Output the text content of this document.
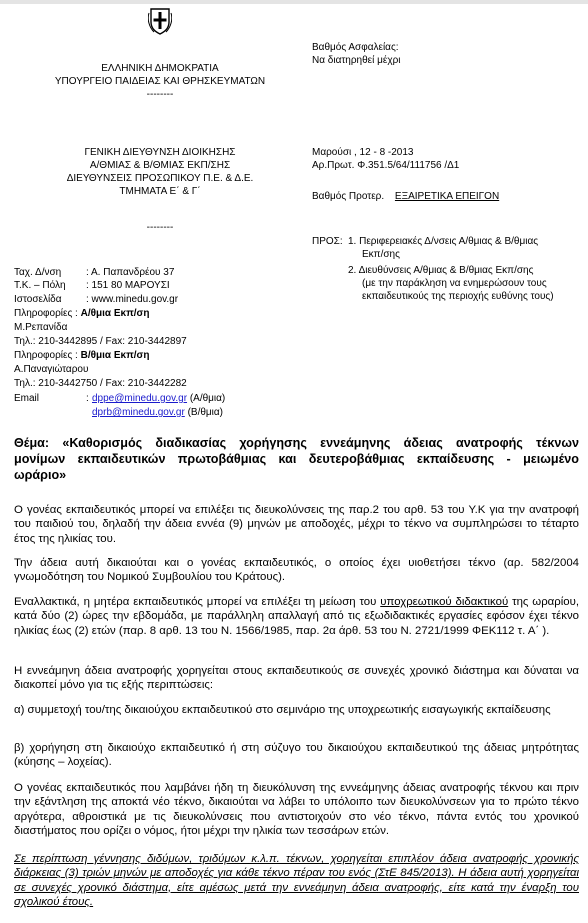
ΕΛΛΗΝΙΚΗ ΔΗΜΟΚΡΑΤΙΑ
ΥΠΟΥΡΓΕΙΟ ΠΑΙΔΕΙΑΣ ΚΑΙ ΘΡΗΣΚΕΥΜΑΤΩΝ
--------
ΓΕΝΙΚΗ ΔΙΕΥΘΥΝΣΗ ΔΙΟΙΚΗΣΗΣ
Α/ΘΜΙΑΣ & Β/ΘΜΙΑΣ ΕΚΠ/ΣΗΣ
ΔΙΕΥΘΥΝΣΕΙΣ ΠΡΟΣΩΠΙΚΟΥ Π.Ε. & Δ.Ε.
ΤΜΗΜΑΤΑ Ε΄ & Γ΄
--------
Βαθμός Ασφαλείας:
Να διατηρηθεί μέχρι
Μαρούσι , 12 - 8 -2013
Αρ.Πρωτ. Φ.351.5/64/111756 /Δ1
Βαθμός Προτερ. ΕΞΑΙΡΕΤΙΚΑ ΕΠΕΙΓΟΝ
ΠΡΟΣ: 1. Περιφερειακές Δ/νσεις Α/θμιας & Β/θμιας
Εκπ/σης
2. Διευθύνσεις Α/θμιας & Β/θμιας Εκπ/σης
(με την παράκληση να ενημερώσουν τους
εκπαιδευτικούς της περιοχής ευθύνης τους)
Ταχ. Δ/νση : Α. Παπανδρέου 37
Τ.Κ. – Πόλη : 151 80 ΜΑΡΟΥΣΙ
Ιστοσελίδα : www.minedu.gov.gr
Πληροφορίες : Α/θμια Εκπ/ση
Μ.Ρεπανίδα
Τηλ.: 210-3442895 / Fax: 210-3442897
Πληροφορίες : Β/θμια Εκπ/ση
Α.Παναγιώταρου
Τηλ.: 210-3442750 / Fax: 210-3442282
Email	: dppe@minedu.gov.gr (Α/θμια)
dprb@minedu.gov.gr (Β/θμια)
Θέμα: «Καθορισμός διαδικασίας χορήγησης εννεάμηνης άδειας ανατροφής τέκνων
μονίμων εκπαιδευτικών πρωτοβάθμιας και δευτεροβάθμιας εκπαίδευσης - μειωμένο
ωράριο»
Ο γονέας εκπαιδευτικός μπορεί να επιλέξει τις διευκολύνσεις της παρ.2 του αρθ. 53 του Υ.Κ για την ανατροφή του παιδιού του, δηλαδή την άδεια εννέα (9) μηνών με αποδοχές, μέχρι το τέκνο να συμπληρώσει το τέταρτο έτος της ηλικίας του.
Την άδεια αυτή δικαιούται και ο γονέας εκπαιδευτικός, ο οποίος έχει υιοθετήσει τέκνο (αρ. 582/2004 γνωμοδότηση του Νομικού Συμβουλίου του Κράτους).
Εναλλακτικά, η μητέρα εκπαιδευτικός μπορεί να επιλέξει τη μείωση του υποχρεωτικού διδακτικού της ωραρίου, κατά δύο (2) ώρες την εβδομάδα, με παράλληλη απαλλαγή από τις εξωδιδακτικές εργασίες εφόσον έχει τέκνο ηλικίας έως (2) ετών (παρ. 8 αρθ. 13 του Ν. 1566/1985, παρ. 2α άρθ. 53 του Ν. 2721/1999 ΦΕΚ112 τ. Α΄ ).
Η εννεάμηνη άδεια ανατροφής χορηγείται στους εκπαιδευτικούς σε συνεχές χρονικό διάστημα και δύναται να διακοπεί μόνο για τις εξής περιπτώσεις:
α) συμμετοχή του/της δικαιούχου εκπαιδευτικού στο σεμινάριο της υποχρεωτικής εισαγωγικής εκπαίδευσης
β) χορήγηση στη δικαιούχο εκπαιδευτικό ή στη σύζυγο του δικαιούχου εκπαιδευτικού της άδειας μητρότητας (κύησης – λοχείας).
Ο γονέας εκπαιδευτικός που λαμβάνει ήδη τη διευκόλυνση της εννεάμηνης άδειας ανατροφής τέκνου και πριν την εξάντληση της αποκτά νέο τέκνο, δικαιούται να λάβει το υπόλοιπο των διευκολύνσεων για το πρώτο τέκνο αργότερα, αθροιστικά με τις διευκολύνσεις που αντιστοιχούν στο νέο τέκνο, πάντα εντός του χρονικού διαστήματος που ορίζει ο νόμος, ήτοι μέχρι την ηλικία των τεσσάρων ετών.
Σε περίπτωση γέννησης διδύμων, τριδύμων κ.λ.π. τέκνων, χορηγείται επιπλέον άδεια ανατροφής χρονικής διάρκειας (3) τριών μηνών με αποδοχές για κάθε τέκνο πέραν του ενός (ΣτΕ 845/2013). Η άδεια αυτή χορηγείται σε συνεχές χρονικό διάστημα, είτε αμέσως μετά την εννεάμηνη άδεια ανατροφής, είτε κατά την έναρξη του σχολικού έτους.
